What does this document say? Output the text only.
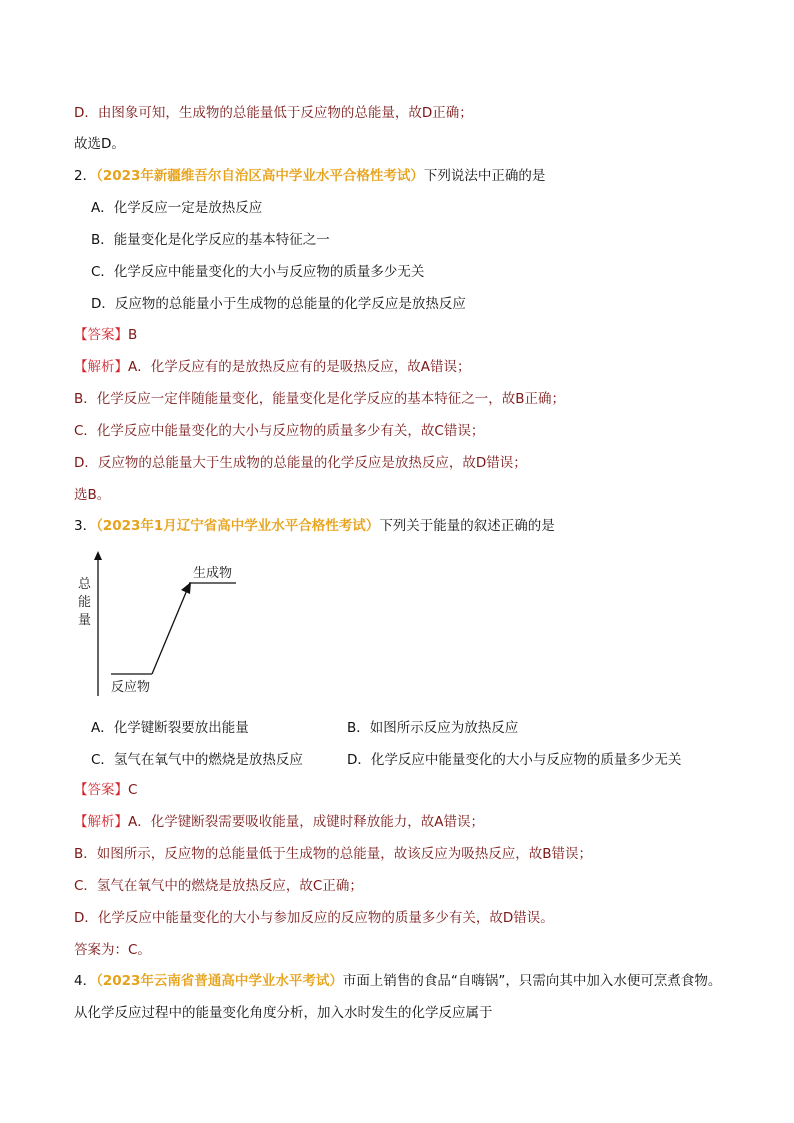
D．由图象可知，生成物的总能量低于反应物的总能量，故D正确；
故选D。
2．（2023年新疆维吾尔自治区高中学业水平合格性考试）下列说法中正确的是
A．化学反应一定是放热反应
B．能量变化是化学反应的基本特征之一
C．化学反应中能量变化的大小与反应物的质量多少无关
D．反应物的总能量小于生成物的总能量的化学反应是放热反应
【答案】B
【解析】A．化学反应有的是放热反应有的是吸热反应，故A错误；
B．化学反应一定伴随能量变化，能量变化是化学反应的基本特征之一，故B正确；
C．化学反应中能量变化的大小与反应物的质量多少有关，故C错误；
D．反应物的总能量大于生成物的总能量的化学反应是放热反应，故D错误；
选B。
3．（2023年1月辽宁省高中学业水平合格性考试）下列关于能量的叙述正确的是
总
能
量
生成物
反应物
A．化学键断裂要放出能量	B．如图所示反应为放热反应
C．氢气在氧气中的燃烧是放热反应	D．化学反应中能量变化的大小与反应物的质量多少无关
【答案】C
【解析】A．化学键断裂需要吸收能量，成键时释放能力，故A错误；
B．如图所示，反应物的总能量低于生成物的总能量，故该反应为吸热反应，故B错误；
C．氢气在氧气中的燃烧是放热反应，故C正确；
D．化学反应中能量变化的大小与参加反应的反应物的质量多少有关，故D错误。
答案为：C。
4．（2023年云南省普通高中学业水平考试）市面上销售的食品“自嗨锅”，只需向其中加入水便可烹煮食物。
从化学反应过程中的能量变化角度分析，加入水时发生的化学反应属于
